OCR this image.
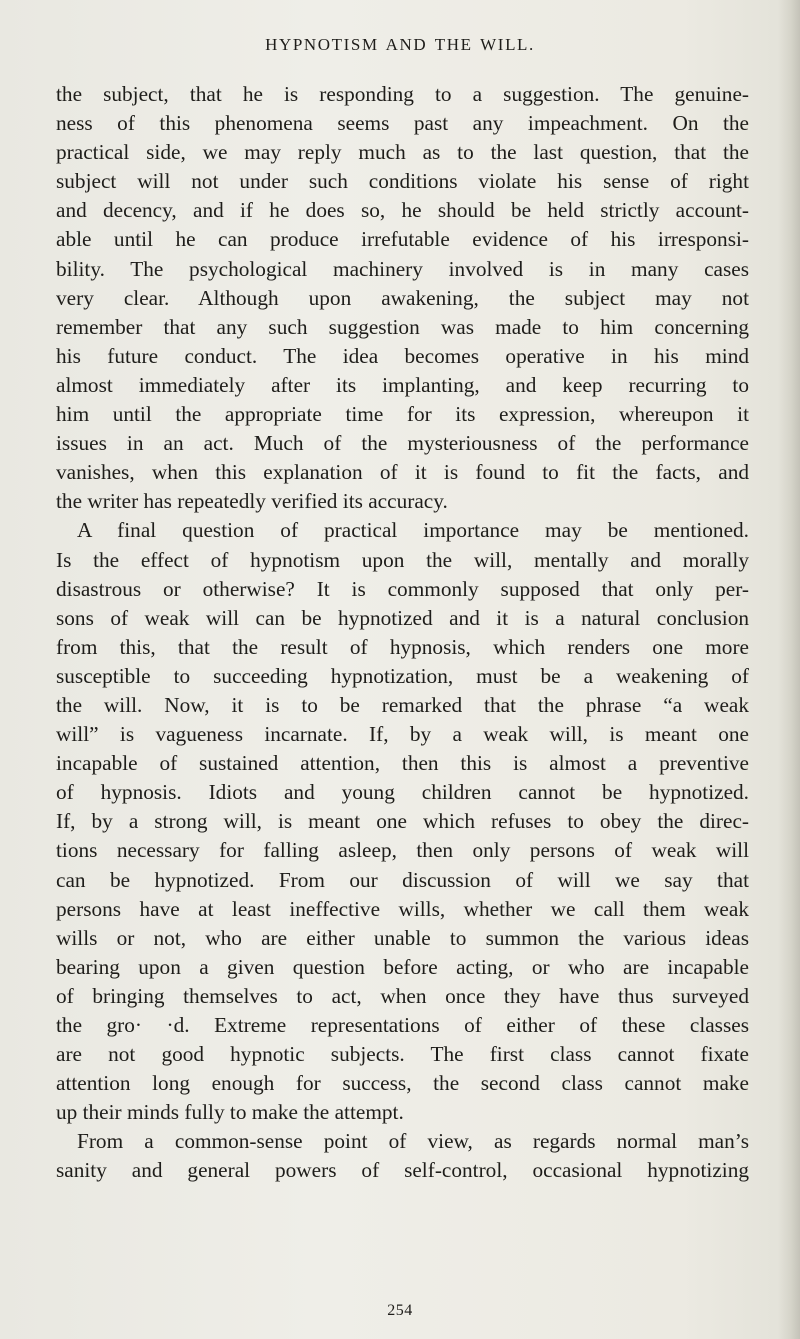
HYPNOTISM AND THE WILL.
the subject, that he is responding to a suggestion. The genuine-
ness of this phenomena seems past any impeachment. On the
practical side, we may reply much as to the last question, that the
subject will not under such conditions violate his sense of right
and decency, and if he does so, he should be held strictly account-
able until he can produce irrefutable evidence of his irresponsi-
bility. The psychological machinery involved is in many cases
very clear. Although upon awakening, the subject may not
remember that any such suggestion was made to him concerning
his future conduct. The idea becomes operative in his mind
almost immediately after its implanting, and keep recurring to
him until the appropriate time for its expression, whereupon it
issues in an act. Much of the mysteriousness of the performance
vanishes, when this explanation of it is found to fit the facts, and
the writer has repeatedly verified its accuracy.
A final question of practical importance may be mentioned.
Is the effect of hypnotism upon the will, mentally and morally
disastrous or otherwise? It is commonly supposed that only per-
sons of weak will can be hypnotized and it is a natural conclusion
from this, that the result of hypnosis, which renders one more
susceptible to succeeding hypnotization, must be a weakening of
the will. Now, it is to be remarked that the phrase “a weak
will” is vagueness incarnate. If, by a weak will, is meant one
incapable of sustained attention, then this is almost a preventive
of hypnosis. Idiots and young children cannot be hypnotized.
If, by a strong will, is meant one which refuses to obey the direc-
tions necessary for falling asleep, then only persons of weak will
can be hypnotized. From our discussion of will we say that
persons have at least ineffective wills, whether we call them weak
wills or not, who are either unable to summon the various ideas
bearing upon a given question before acting, or who are incapable
of bringing themselves to act, when once they have thus surveyed
the gro· ·d. Extreme representations of either of these classes
are not good hypnotic subjects. The first class cannot fixate
attention long enough for success, the second class cannot make
up their minds fully to make the attempt.
From a common-sense point of view, as regards normal man’s
sanity and general powers of self-control, occasional hypnotizing
254
